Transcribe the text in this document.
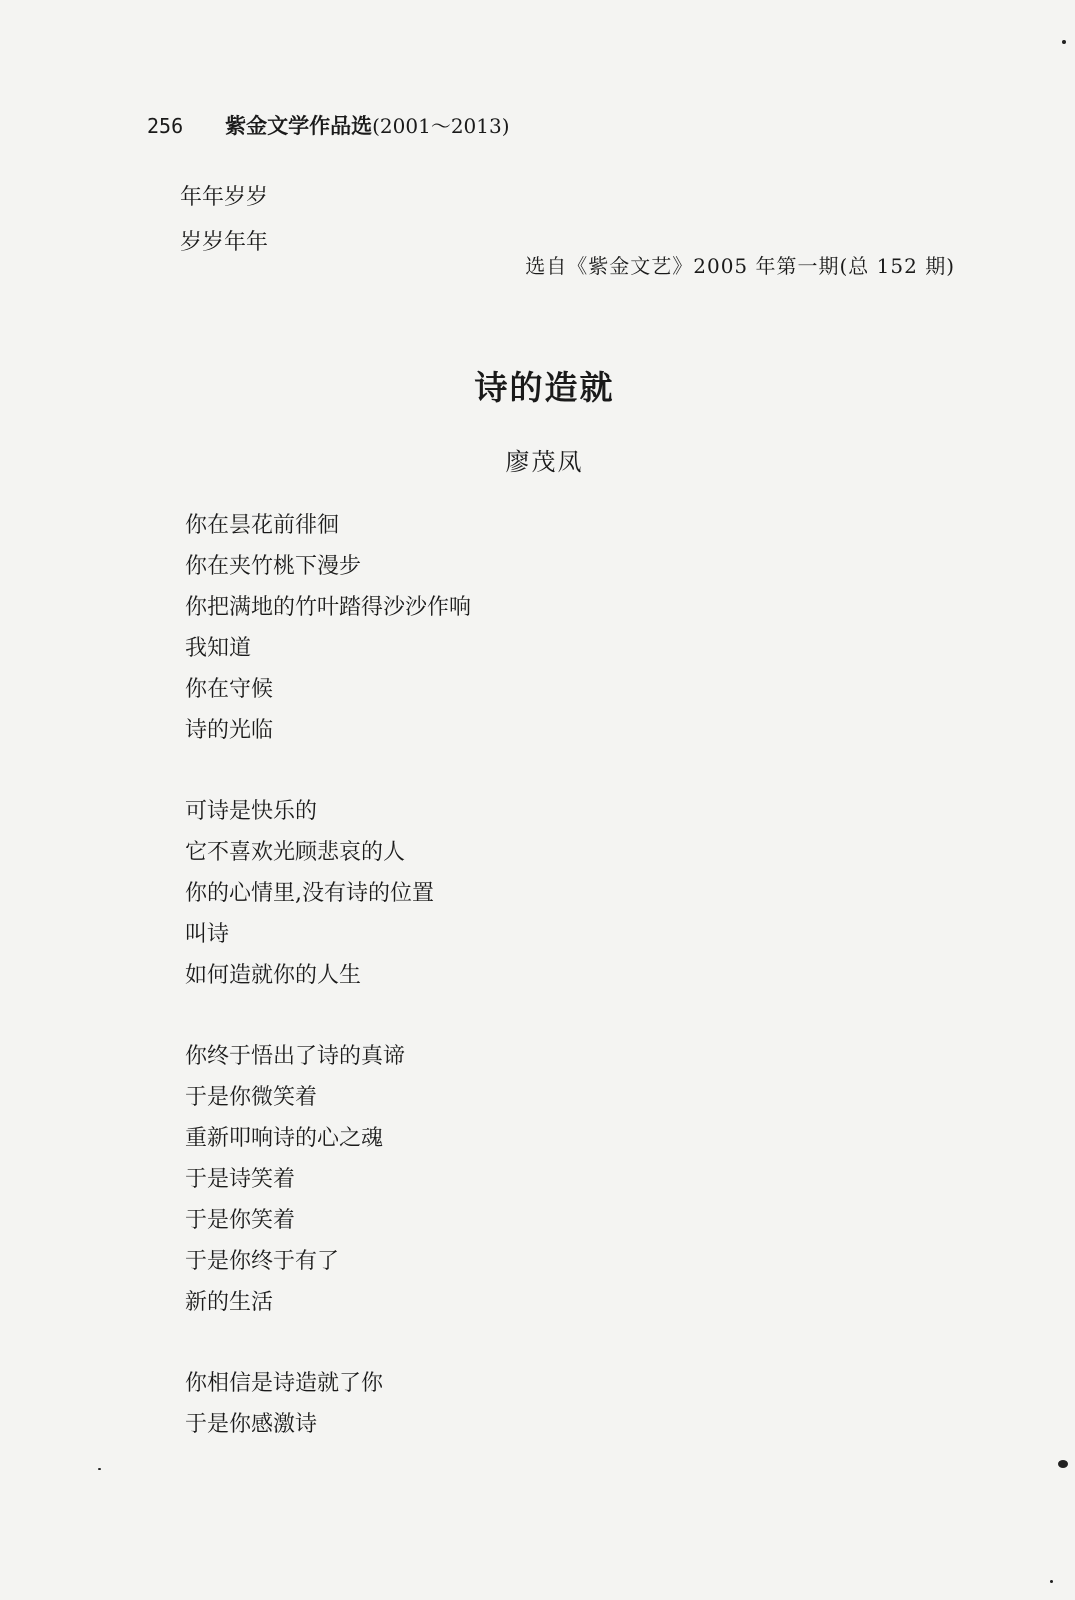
256 紫金文学作品选(2001～2013)
年年岁岁
岁岁年年
选自《紫金文艺》2005 年第一期(总 152 期)
诗的造就
廖茂凤
你在昙花前徘徊
你在夹竹桃下漫步
你把满地的竹叶踏得沙沙作响
我知道
你在守候
诗的光临
可诗是快乐的
它不喜欢光顾悲哀的人
你的心情里,没有诗的位置
叫诗
如何造就你的人生
你终于悟出了诗的真谛
于是你微笑着
重新叩响诗的心之魂
于是诗笑着
于是你笑着
于是你终于有了
新的生活
你相信是诗造就了你
于是你感激诗
